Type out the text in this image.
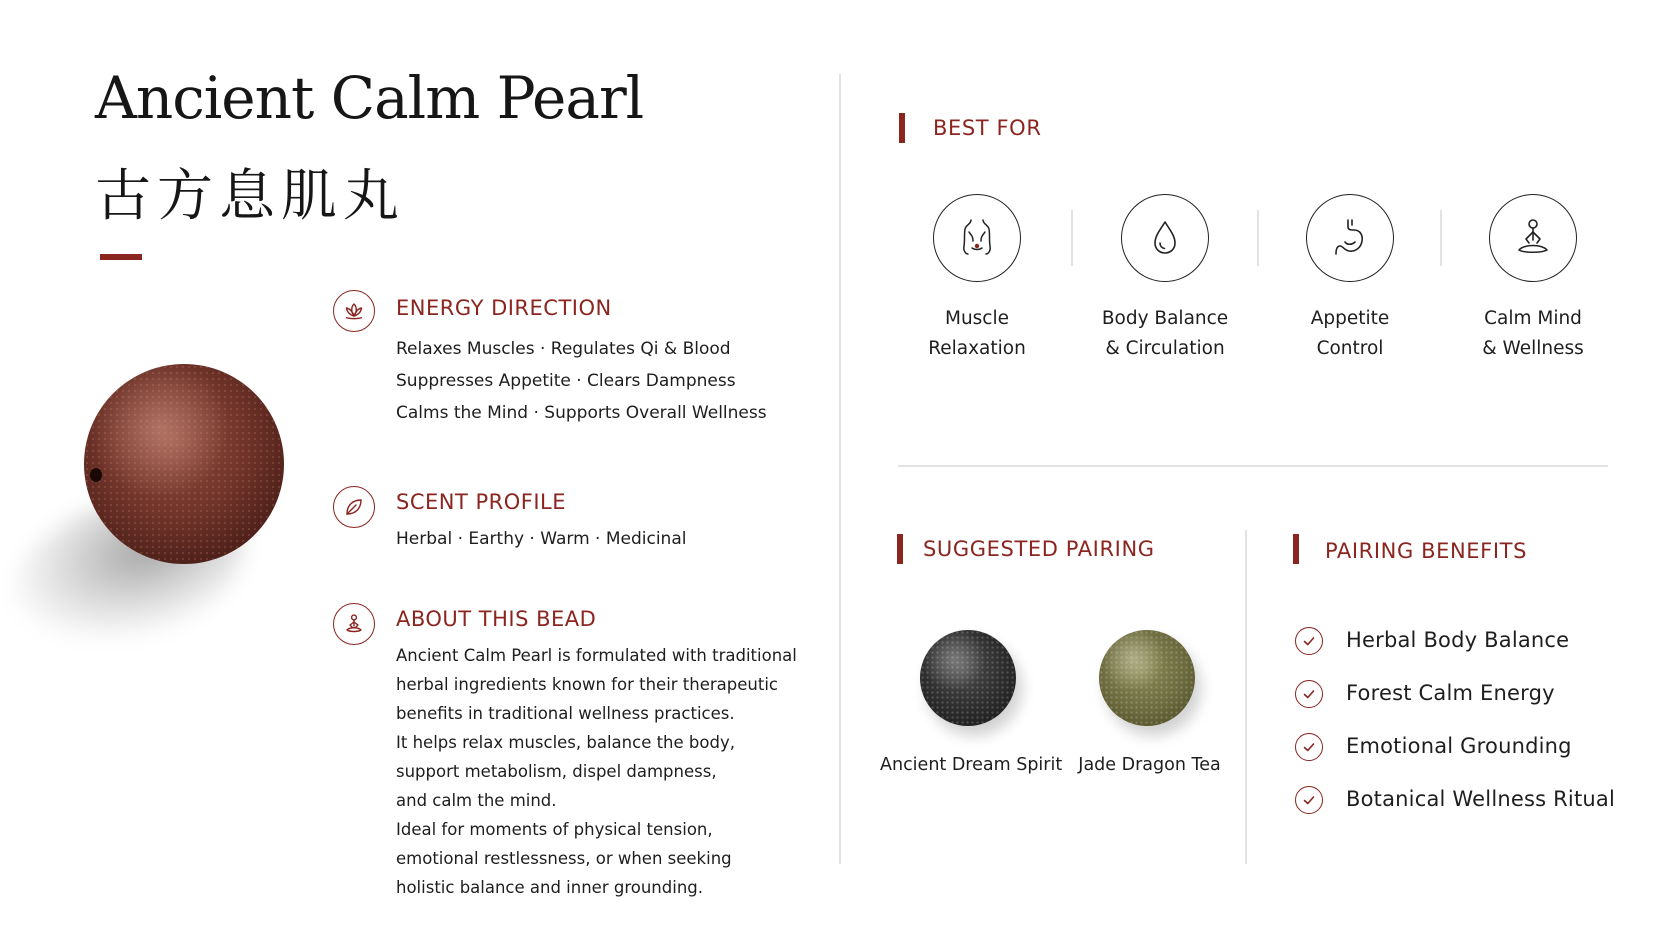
Ancient Calm Pearl
古方息肌丸
ENERGY DIRECTION
Relaxes Muscles · Regulates Qi & Blood
Suppresses Appetite · Clears Dampness
Calms the Mind · Supports Overall Wellness
SCENT PROFILE
Herbal · Earthy · Warm · Medicinal
ABOUT THIS BEAD
Ancient Calm Pearl is formulated with traditional
herbal ingredients known for their therapeutic
benefits in traditional wellness practices.
It helps relax muscles, balance the body,
support metabolism, dispel dampness,
and calm the mind.
Ideal for moments of physical tension,
emotional restlessness, or when seeking
holistic balance and inner grounding.
BEST FOR
Muscle
Relaxation
Body Balance
& Circulation
Appetite
Control
Calm Mind
& Wellness
SUGGESTED PAIRING
Ancient Dream Spirit Jade Dragon Tea
PAIRING BENEFITS
Herbal Body Balance
Forest Calm Energy
Emotional Grounding
Botanical Wellness Ritual
